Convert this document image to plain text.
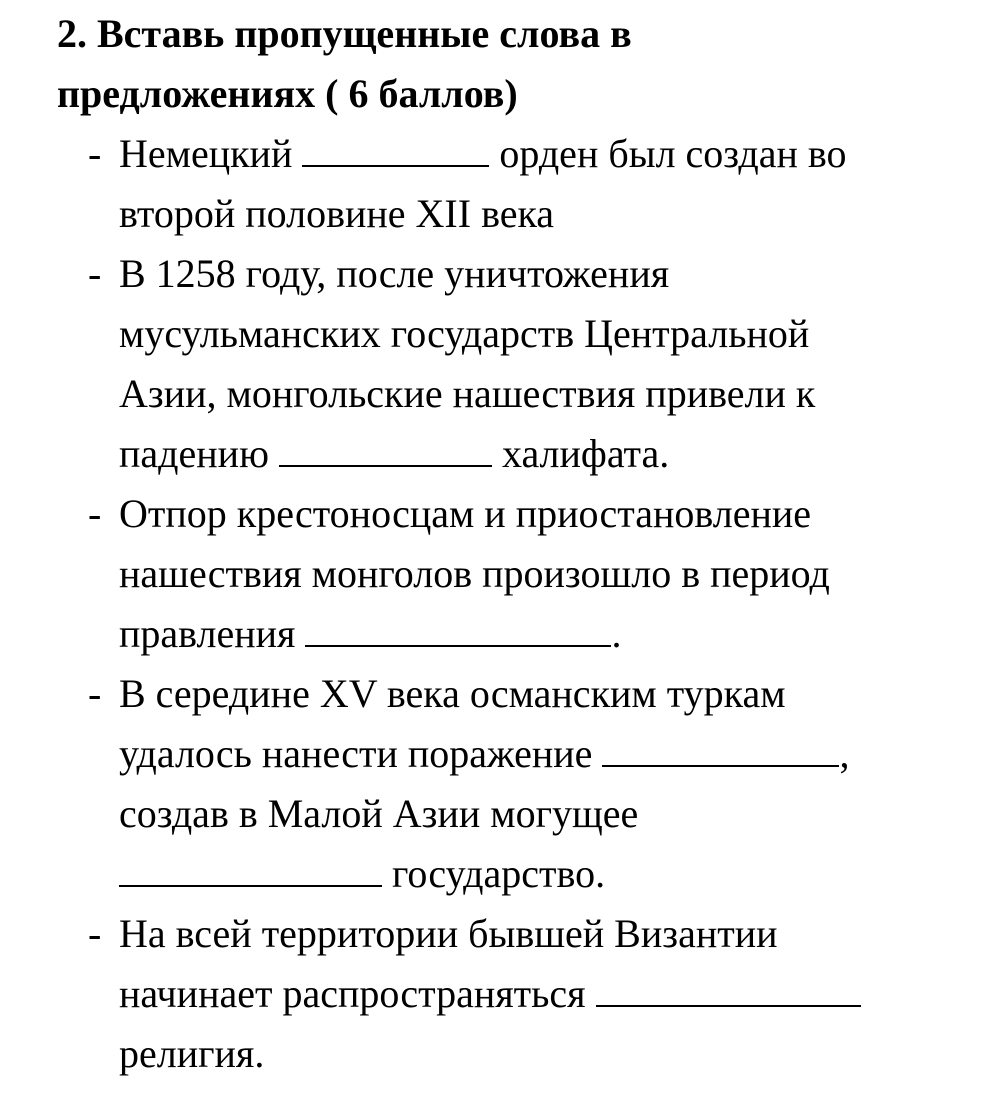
2. Вставь пропущенные слова в
предложениях ( 6 баллов)
- Немецкий	орден был создан во
второй половине XII века
- В 1258 году, после уничтожения
мусульманских государств Центральной
Азии, монгольские нашествия привели к
падению	халифата.
- Отпор крестоносцам и приостановление
нашествия монголов произошло в период
правления	.
- В середине XV века османским туркам
удалось нанести поражение	,
создав в Малой Азии могущее
государство.
- На всей территории бывшей Византии
начинает распространяться
религия.
